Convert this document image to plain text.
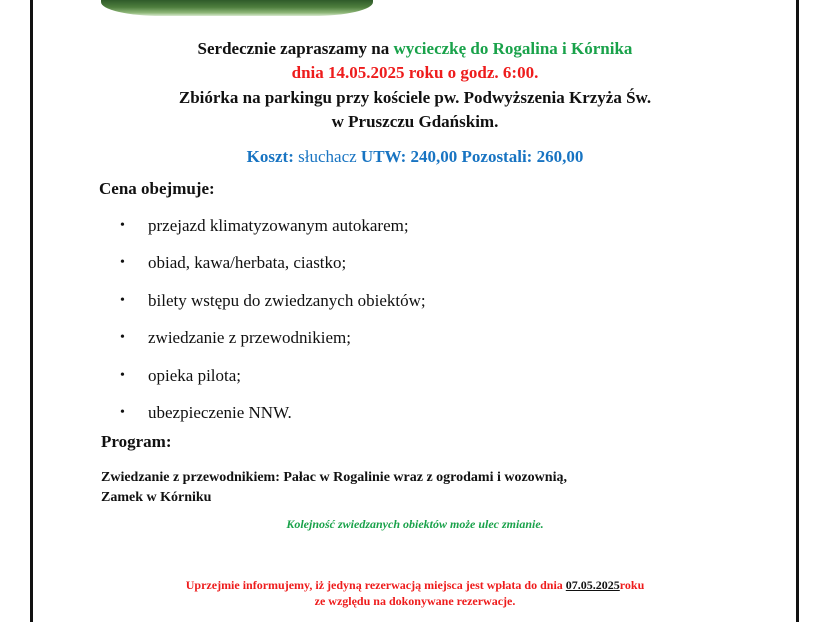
Serdecznie zapraszamy na wycieczkę do Rogalina i Kórnika
dnia 14.05.2025 roku o godz. 6:00.
Zbiórka na parkingu przy kościele pw. Podwyższenia Krzyża Św.
w Pruszczu Gdańskim.
Koszt: słuchacz UTW: 240,00 Pozostali: 260,00
Cena obejmuje:
• przejazd klimatyzowanym autokarem;
• obiad, kawa/herbata, ciastko;
• bilety wstępu do zwiedzanych obiektów;
• zwiedzanie z przewodnikiem;
• opieka pilota;
• ubezpieczenie NNW.
Program:
Zwiedzanie z przewodnikiem: Pałac w Rogalinie wraz z ogrodami i wozownią,
Zamek w Kórniku
Kolejność zwiedzanych obiektów może ulec zmianie.
Uprzejmie informujemy, iż jedyną rezerwacją miejsca jest wpłata do dnia 07.05.2025roku
ze względu na dokonywane rezerwacje.
